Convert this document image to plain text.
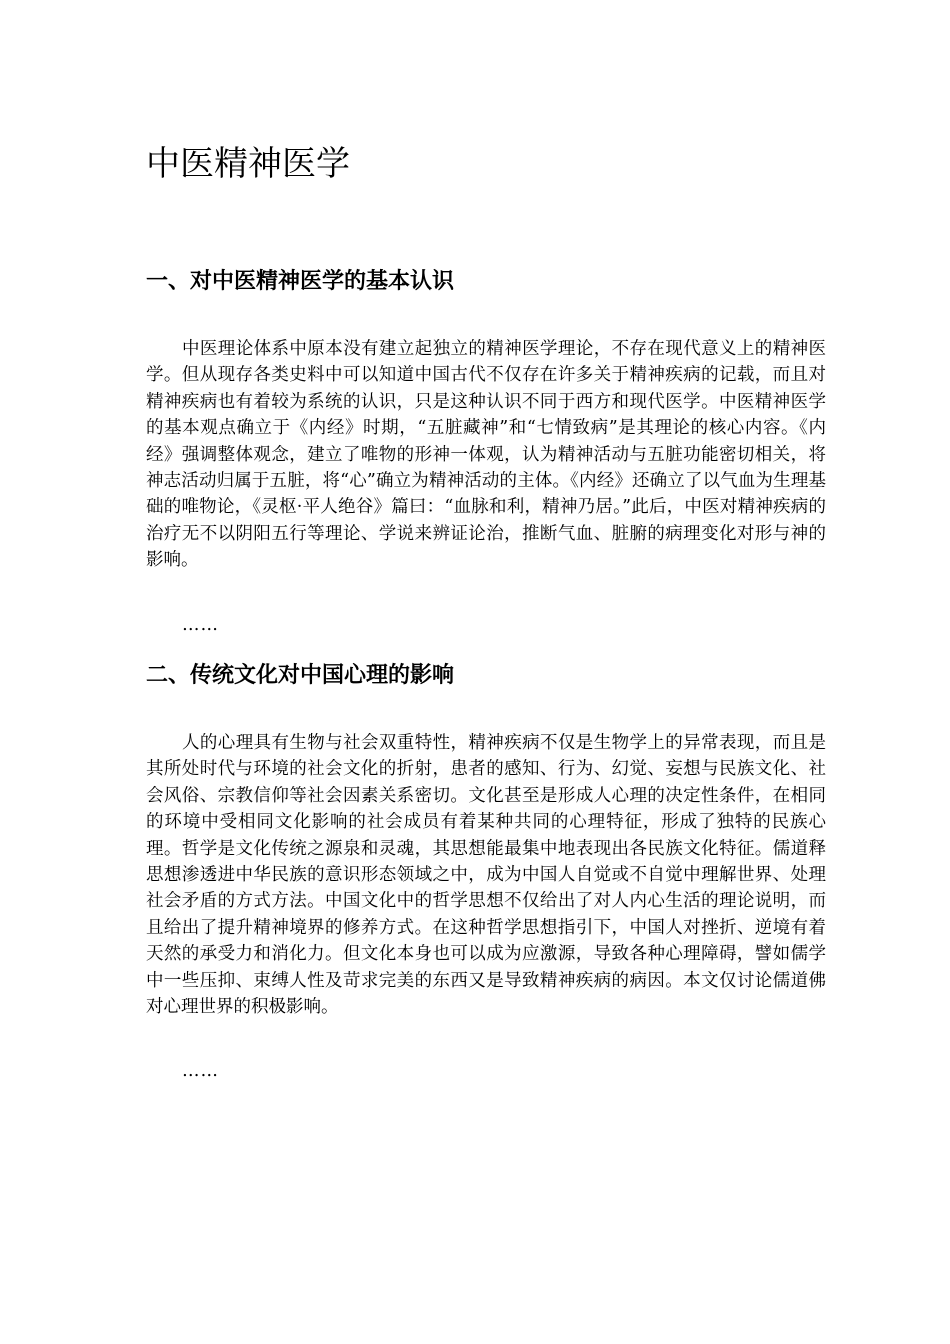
中医精神医学
一、对中医精神医学的基本认识

中医理论体系中原本没有建立起独立的精神医学理论，不存在现代意义上的精神医学。但从现存各类史料中可以知道中国古代不仅存在许多关于精神疾病的记载，而且对精神疾病也有着较为系统的认识，只是这种认识不同于西方和现代医学。中医精神医学的基本观点确立于《内经》时期，“五脏藏神”和“七情致病”是其理论的核心内容。《内经》强调整体观念，建立了唯物的形神一体观，认为精神活动与五脏功能密切相关，将神志活动归属于五脏，将“心”确立为精神活动的主体。《内经》还确立了以气血为生理基础的唯物论，《灵枢·平人绝谷》篇曰：“血脉和利，精神乃居。”此后，中医对精神疾病的治疗无不以阴阳五行等理论、学说来辨证论治，推断气血、脏腑的病理变化对形与神的影响。

……

二、传统文化对中国心理的影响

人的心理具有生物与社会双重特性，精神疾病不仅是生物学上的异常表现，而且是其所处时代与环境的社会文化的折射，患者的感知、行为、幻觉、妄想与民族文化、社会风俗、宗教信仰等社会因素关系密切。文化甚至是形成人心理的决定性条件，在相同的环境中受相同文化影响的社会成员有着某种共同的心理特征，形成了独特的民族心理。哲学是文化传统之源泉和灵魂，其思想能最集中地表现出各民族文化特征。儒道释思想渗透进中华民族的意识形态领域之中，成为中国人自觉或不自觉中理解世界、处理社会矛盾的方式方法。中国文化中的哲学思想不仅给出了对人内心生活的理论说明，而且给出了提升精神境界的修养方式。在这种哲学思想指引下，中国人对挫折、逆境有着天然的承受力和消化力。但文化本身也可以成为应激源，导致各种心理障碍，譬如儒学中一些压抑、束缚人性及苛求完美的东西又是导致精神疾病的病因。本文仅讨论儒道佛对心理世界的积极影响。

……
